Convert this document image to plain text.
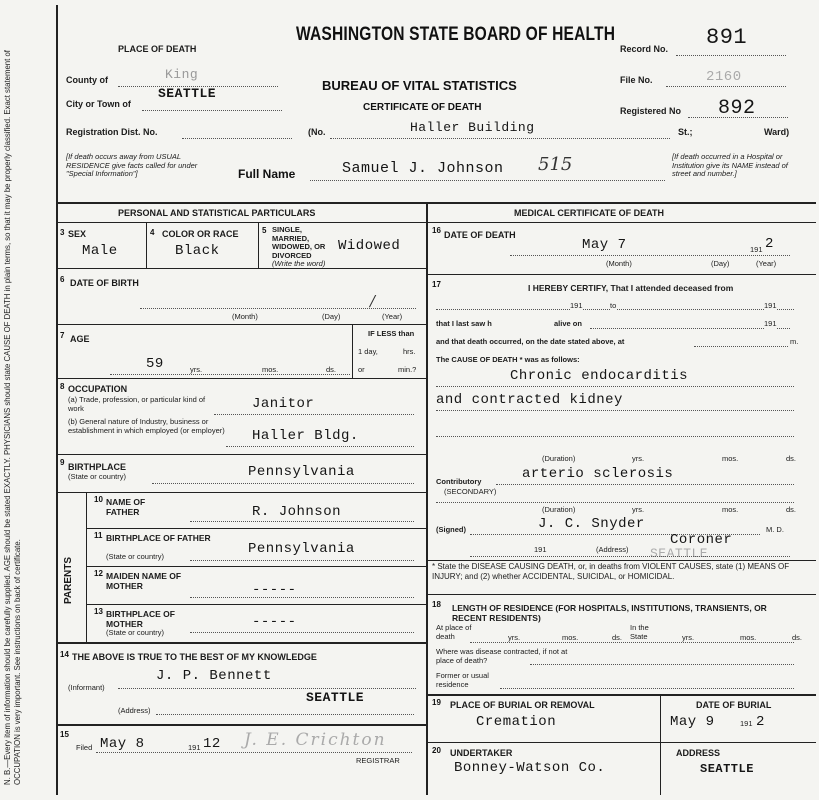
N. B.—Every item of information should be carefully supplied. AGE should be stated EXACTLY. PHYSICIANS should state CAUSE OF DEATH in plain terms, so that it may be properly classified. Exact statement of OCCUPATION is very important. See instructions on back of certificate.
PLACE OF DEATH
WASHINGTON STATE BOARD OF HEALTH
BUREAU OF VITAL STATISTICS
CERTIFICATE OF DEATH
Record No. 891
File No.	2160
Registered No 892
County of	King
City or Town of
SEATTLE
Registration Dist. No.	(No.	Haller Building	St.;	Ward)
[If death occurs away from USUAL RESIDENCE give facts called for under "Special Information"]	Full Name	Samuel J. Johnson 515	[If death occurred in a Hospital or Institution give its NAME instead of street and number.]
PERSONAL AND STATISTICAL PARTICULARS	MEDICAL CERTIFICATE OF DEATH
3 SEX
Male
4 COLOR OR RACE
Black
5 SINGLE, MARRIED, WIDOWED, OR DIVORCED
(Write the word)
Widowed
6 DATE OF BIRTH
/
(Month)	(Day)	(Year)
7 AGE
59	yrs.	mos.	ds.
IF LESS than
1 day,	hrs.
or	min.?
8 OCCUPATION
(a) Trade, profession, or particular kind of work	Janitor
(b) General nature of Industry, business or establishment in which employed (or employer) Haller Bldg.
9 BIRTHPLACE
(State or country)	Pennsylvania
PARENTS
10 NAME OF FATHER	R. Johnson
11 BIRTHPLACE OF FATHER
(State or country)	Pennsylvania
12 MAIDEN NAME OF MOTHER	-----
13 BIRTHPLACE OF MOTHER
(State or country)
-----
14 THE ABOVE IS TRUE TO THE BEST OF MY KNOWLEDGE
J. P. Bennett
(Informant)
SEATTLE
(Address)
15
Filed May 8	191 12 J. E. Crichton
REGISTRAR
16 DATE OF DEATH
May 7	191 2
(Month)	(Day)	(Year)
17	I HEREBY CERTIFY, That I attended deceased from
191	to	191
that I last saw h	alive on	191
and that death occurred, on the date stated above, at	m.
The CAUSE OF DEATH * was as follows:
Chronic endocarditis
and contracted kidney
(Duration)	yrs.	mos.	ds.
Contributory
(SECONDARY)
arterio sclerosis
(Duration)	yrs.	mos.	ds.
(Signed)	J. C. Snyder	M. D.
Coroner
191	(Address) SEATTLE
* State the DISEASE CAUSING DEATH, or, in deaths from VIOLENT CAUSES, state (1) MEANS OF INJURY; and (2) whether ACCIDENTAL, SUICIDAL, or HOMICIDAL.
18 LENGTH OF RESIDENCE (FOR HOSPITALS, INSTITUTIONS, TRANSIENTS, OR RECENT RESIDENTS)
At place of death	yrs.	mos.	ds.
In the State	yrs.	mos.	ds.
Where was disease contracted, if not at place of death?
Former or usual residence
19 PLACE OF BURIAL OR REMOVAL
Cremation
DATE OF BURIAL
May 9	191 2
20 UNDERTAKER
Bonney-Watson Co.
ADDRESS
SEATTLE
